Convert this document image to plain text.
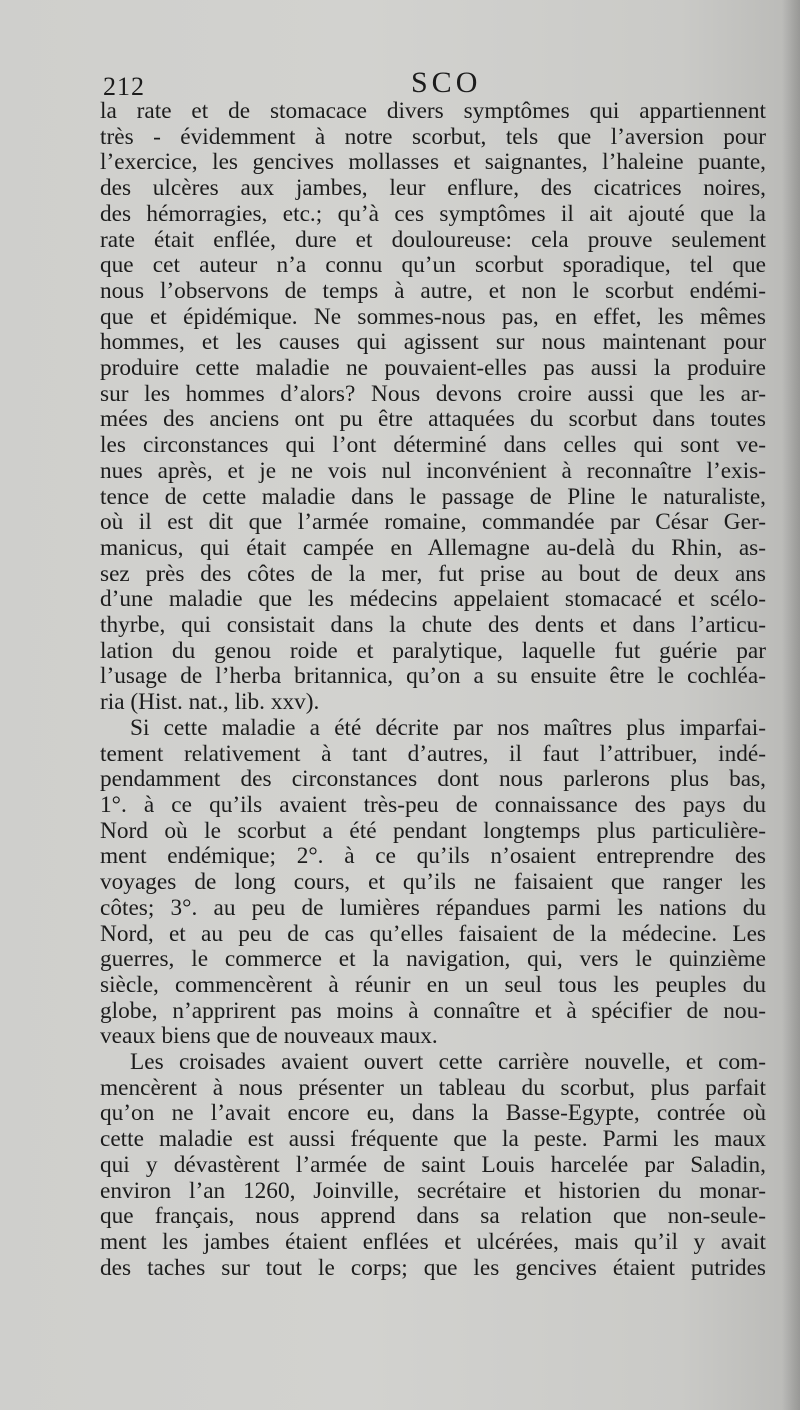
212	SCO
la rate et de stomacace divers symptômes qui appartiennent
très - évidemment à notre scorbut, tels que l’aversion pour
l’exercice, les gencives mollasses et saignantes, l’haleine puante,
des ulcères aux jambes, leur enflure, des cicatrices noires,
des hémorragies, etc.; qu’à ces symptômes il ait ajouté que la
rate était enflée, dure et douloureuse: cela prouve seulement
que cet auteur n’a connu qu’un scorbut sporadique, tel que
nous l’observons de temps à autre, et non le scorbut endémi-
que et épidémique. Ne sommes-nous pas, en effet, les mêmes
hommes, et les causes qui agissent sur nous maintenant pour
produire cette maladie ne pouvaient-elles pas aussi la produire
sur les hommes d’alors? Nous devons croire aussi que les ar-
mées des anciens ont pu être attaquées du scorbut dans toutes
les circonstances qui l’ont déterminé dans celles qui sont ve-
nues après, et je ne vois nul inconvénient à reconnaître l’exis-
tence de cette maladie dans le passage de Pline le naturaliste,
où il est dit que l’armée romaine, commandée par César Ger-
manicus, qui était campée en Allemagne au-delà du Rhin, as-
sez près des côtes de la mer, fut prise au bout de deux ans
d’une maladie que les médecins appelaient stomacacé et scélo-
thyrbe, qui consistait dans la chute des dents et dans l’articu-
lation du genou roide et paralytique, laquelle fut guérie par
l’usage de l’herba britannica, qu’on a su ensuite être le cochléa-
ria (Hist. nat., lib. xxv).
Si cette maladie a été décrite par nos maîtres plus imparfai-
tement relativement à tant d’autres, il faut l’attribuer, indé-
pendamment des circonstances dont nous parlerons plus bas,
1°. à ce qu’ils avaient très-peu de connaissance des pays du
Nord où le scorbut a été pendant longtemps plus particulière-
ment endémique; 2°. à ce qu’ils n’osaient entreprendre des
voyages de long cours, et qu’ils ne faisaient que ranger les
côtes; 3°. au peu de lumières répandues parmi les nations du
Nord, et au peu de cas qu’elles faisaient de la médecine. Les
guerres, le commerce et la navigation, qui, vers le quinzième
siècle, commencèrent à réunir en un seul tous les peuples du
globe, n’apprirent pas moins à connaître et à spécifier de nou-
veaux biens que de nouveaux maux.
Les croisades avaient ouvert cette carrière nouvelle, et com-
mencèrent à nous présenter un tableau du scorbut, plus parfait
qu’on ne l’avait encore eu, dans la Basse-Egypte, contrée où
cette maladie est aussi fréquente que la peste. Parmi les maux
qui y dévastèrent l’armée de saint Louis harcelée par Saladin,
environ l’an 1260, Joinville, secrétaire et historien du monar-
que français, nous apprend dans sa relation que non-seule-
ment les jambes étaient enflées et ulcérées, mais qu’il y avait
des taches sur tout le corps; que les gencives étaient putrides
